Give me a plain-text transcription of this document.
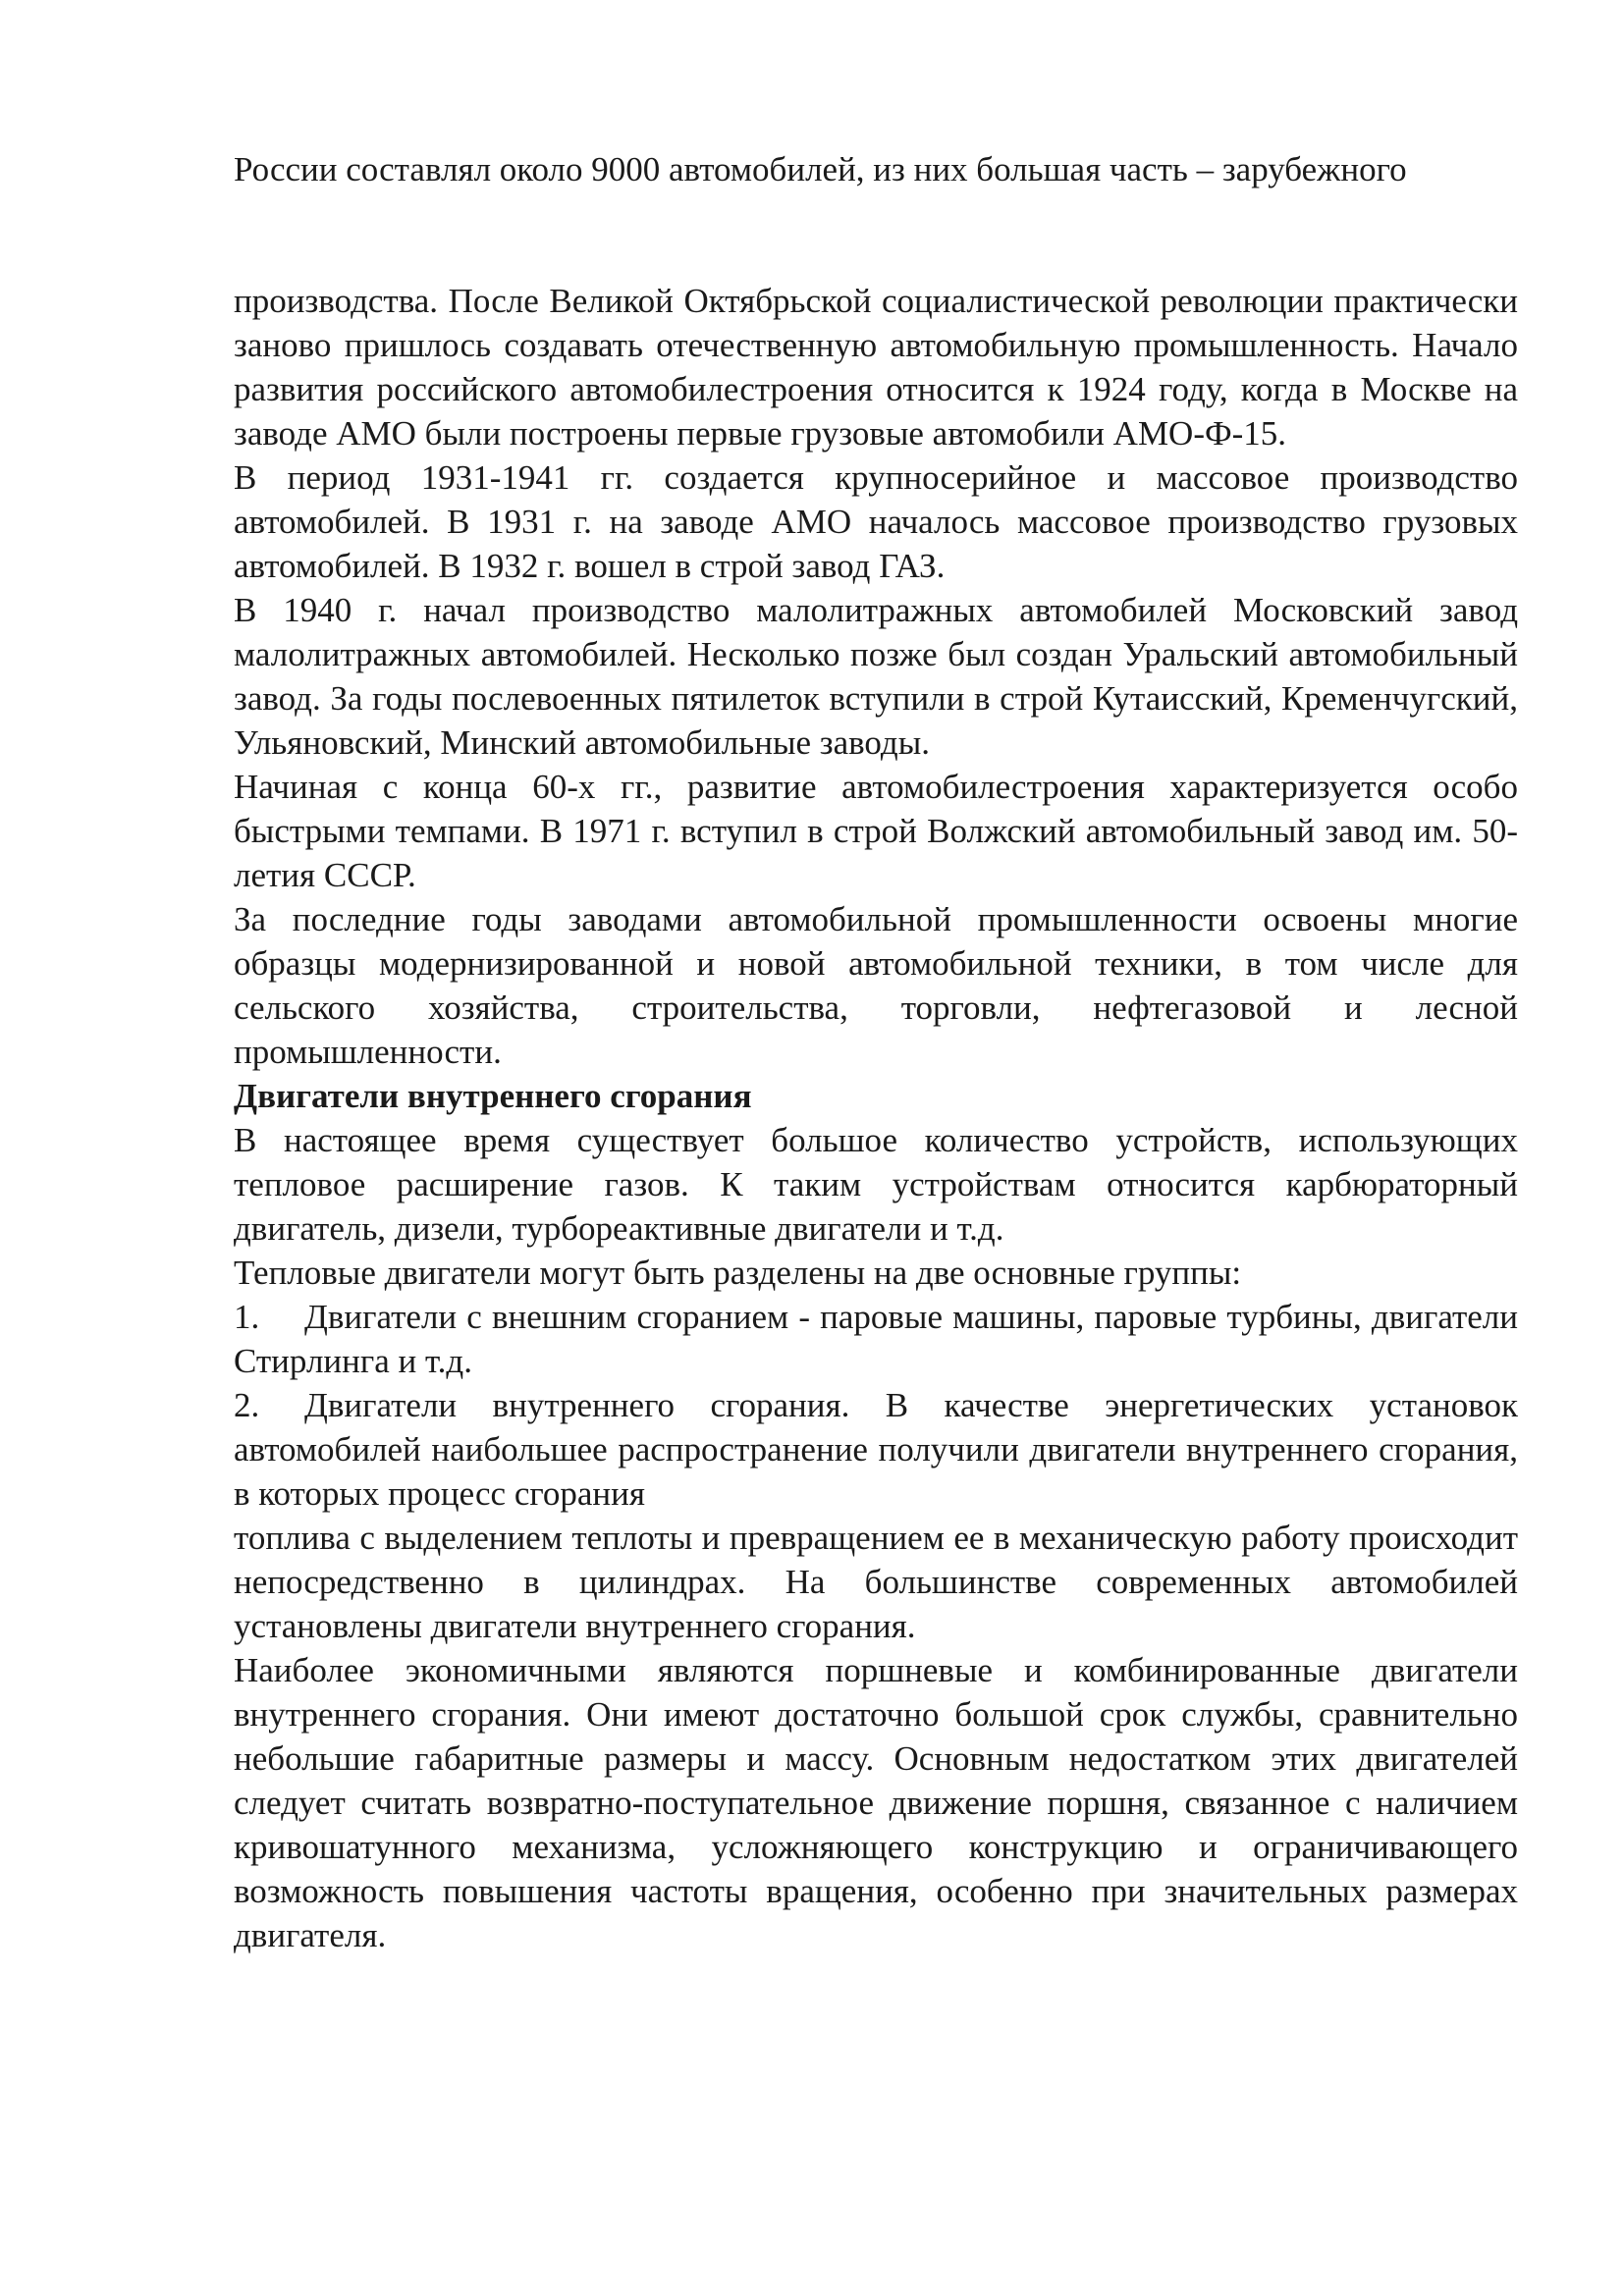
России составлял около 9000 автомобилей, из них большая часть – зарубежного

производства. После Великой Октябрьской социалистической революции практически заново пришлось создавать отечественную автомобильную промышленность. Начало развития российского автомобилестроения относится к 1924 году, когда в Москве на заводе АМО были построены первые грузовые автомобили АМО-Ф-15.

В период 1931-1941 гг. создается крупносерийное и массовое производство автомобилей. В 1931 г. на заводе АМО началось массовое производство грузовых автомобилей. В 1932 г. вошел в строй завод ГАЗ.

В 1940 г. начал производство малолитражных автомобилей Московский завод малолитражных автомобилей. Несколько позже был создан Уральский автомобильный завод. За годы послевоенных пятилеток вступили в строй Кутаисский, Кременчугский, Ульяновский, Минский автомобильные заводы.

Начиная с конца 60-х гг., развитие автомобилестроения характеризуется особо быстрыми темпами. В 1971 г. вступил в строй Волжский автомобильный завод им. 50-летия СССР.

За последние годы заводами автомобильной промышленности освоены многие образцы модернизированной и новой автомобильной техники, в том числе для сельского хозяйства, строительства, торговли, нефтегазовой и лесной промышленности.

Двигатели внутреннего сгорания

В настоящее время существует большое количество устройств, использующих тепловое расширение газов. К таким устройствам относится карбюраторный двигатель, дизели, турбореактивные двигатели и т.д.

Тепловые двигатели могут быть разделены на две основные группы:

1. Двигатели с внешним сгоранием - паровые машины, паровые турбины, двигатели Стирлинга и т.д.

2. Двигатели внутреннего сгорания. В качестве энергетических установок автомобилей наибольшее распространение получили двигатели внутреннего сгорания, в которых процесс сгорания

топлива с выделением теплоты и превращением ее в механическую работу происходит непосредственно в цилиндрах. На большинстве современных автомобилей установлены двигатели внутреннего сгорания.

Наиболее экономичными являются поршневые и комбинированные двигатели внутреннего сгорания. Они имеют достаточно большой срок службы, сравнительно небольшие габаритные размеры и массу. Основным недостатком этих двигателей следует считать возвратно-поступательное движение поршня, связанное с наличием кривошатунного механизма, усложняющего конструкцию и ограничивающего возможность повышения частоты вращения, особенно при значительных размерах двигателя.
